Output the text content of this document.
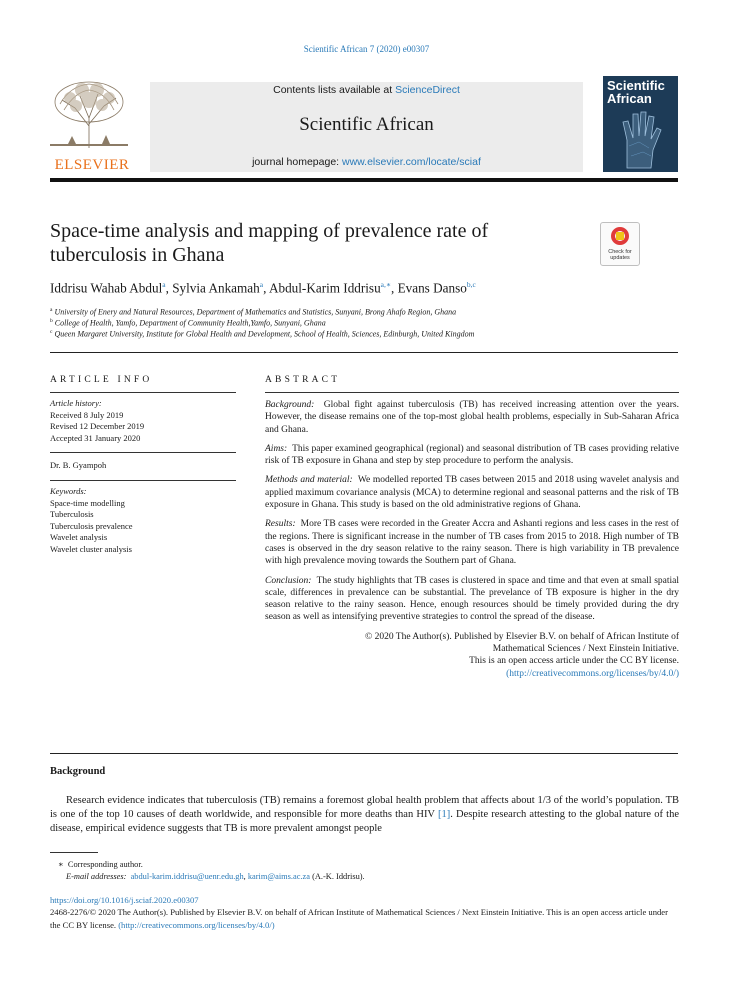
Scientific African 7 (2020) e00307
ELSEVIER
Contents lists available at ScienceDirect
Scientific African
journal homepage: www.elsevier.com/locate/sciaf
Scientific
African
Space-time analysis and mapping of prevalence rate of tuberculosis in Ghana	Check for updates
Iddrisu Wahab Abdul$^a$, Sylvia Ankamah$^a$, Abdul-Karim Iddrisu$^{a,∗}$, Evans Danso$^{b,c}$
$^a$ University of Enery and Natural Resources, Department of Mathematics and Statistics, Sunyani, Brong Ahafo Region, Ghana
$^b$ College of Health, Yamfo, Department of Community Health,Yamfo, Sunyani, Ghana
$^c$ Queen Margaret University, Institute for Global Health and Development, School of Health, Sciences, Edinburgh, United Kingdom
ARTICLE INFO	ABSTRACT
Article history:
Received 8 July 2019
Revised 12 December 2019
Accepted 31 January 2020
Dr. B. Gyampoh
Keywords:
Space-time modelling
Tuberculosis
Tuberculosis prevalence
Wavelet analysis
Wavelet cluster analysis

Background: Global fight against tuberculosis (TB) has received increasing attention over the years. However, the disease remains one of the top-most global health problems, especially in Sub-Saharan Africa and Ghana.

Aims: This paper examined geographical (regional) and seasonal distribution of TB cases providing relative risk of TB exposure in Ghana and step by step procedure to perform the analysis.

Methods and material: We modelled reported TB cases between 2015 and 2018 using wavelet analysis and applied maximum covariance analysis (MCA) to determine regional and seasonal patterns and the risk of TB exposure in Ghana. This study is based on the old administrative regions of Ghana.

Results: More TB cases were recorded in the Greater Accra and Ashanti regions and less cases in the rest of the regions. There is significant increase in the number of TB cases from 2015 to 2018. High number of TB cases is observed in the dry season relative to the rainy season. There is high variability in TB prevalence with high prevalence moving towards the Southern part of Ghana.

Conclusion: The study highlights that TB cases is clustered in space and time and that even at small spatial scale, differences in prevalence can be substantial. The prevelance of TB exposure is higher in the dry season relative to the rainy season. Hence, enough resources should be timely provided during the dry season as well as intensifying preventive strategies to control the spread of the disease.

© 2020 The Author(s). Published by Elsevier B.V. on behalf of African Institute of
Mathematical Sciences / Next Einstein Initiative.
This is an open access article under the CC BY license.
(http://creativecommons.org/licenses/by/4.0/)
Background
Research evidence indicates that tuberculosis (TB) remains a foremost global health problem that affects about 1/3 of the world’s population. TB is one of the top 10 causes of death worldwide, and responsible for more deaths than HIV [1]. Despite research attesting to the global nature of the disease, empirical evidence suggests that TB is more prevalent amongst people
∗ Corresponding author.
E-mail addresses: abdul-karim.iddrisu@uenr.edu.gh, karim@aims.ac.za (A.-K. Iddrisu).
https://doi.org/10.1016/j.sciaf.2020.e00307
2468-2276/© 2020 The Author(s). Published by Elsevier B.V. on behalf of African Institute of Mathematical Sciences / Next Einstein Initiative. This is an open access article under the CC BY license. (http://creativecommons.org/licenses/by/4.0/)
